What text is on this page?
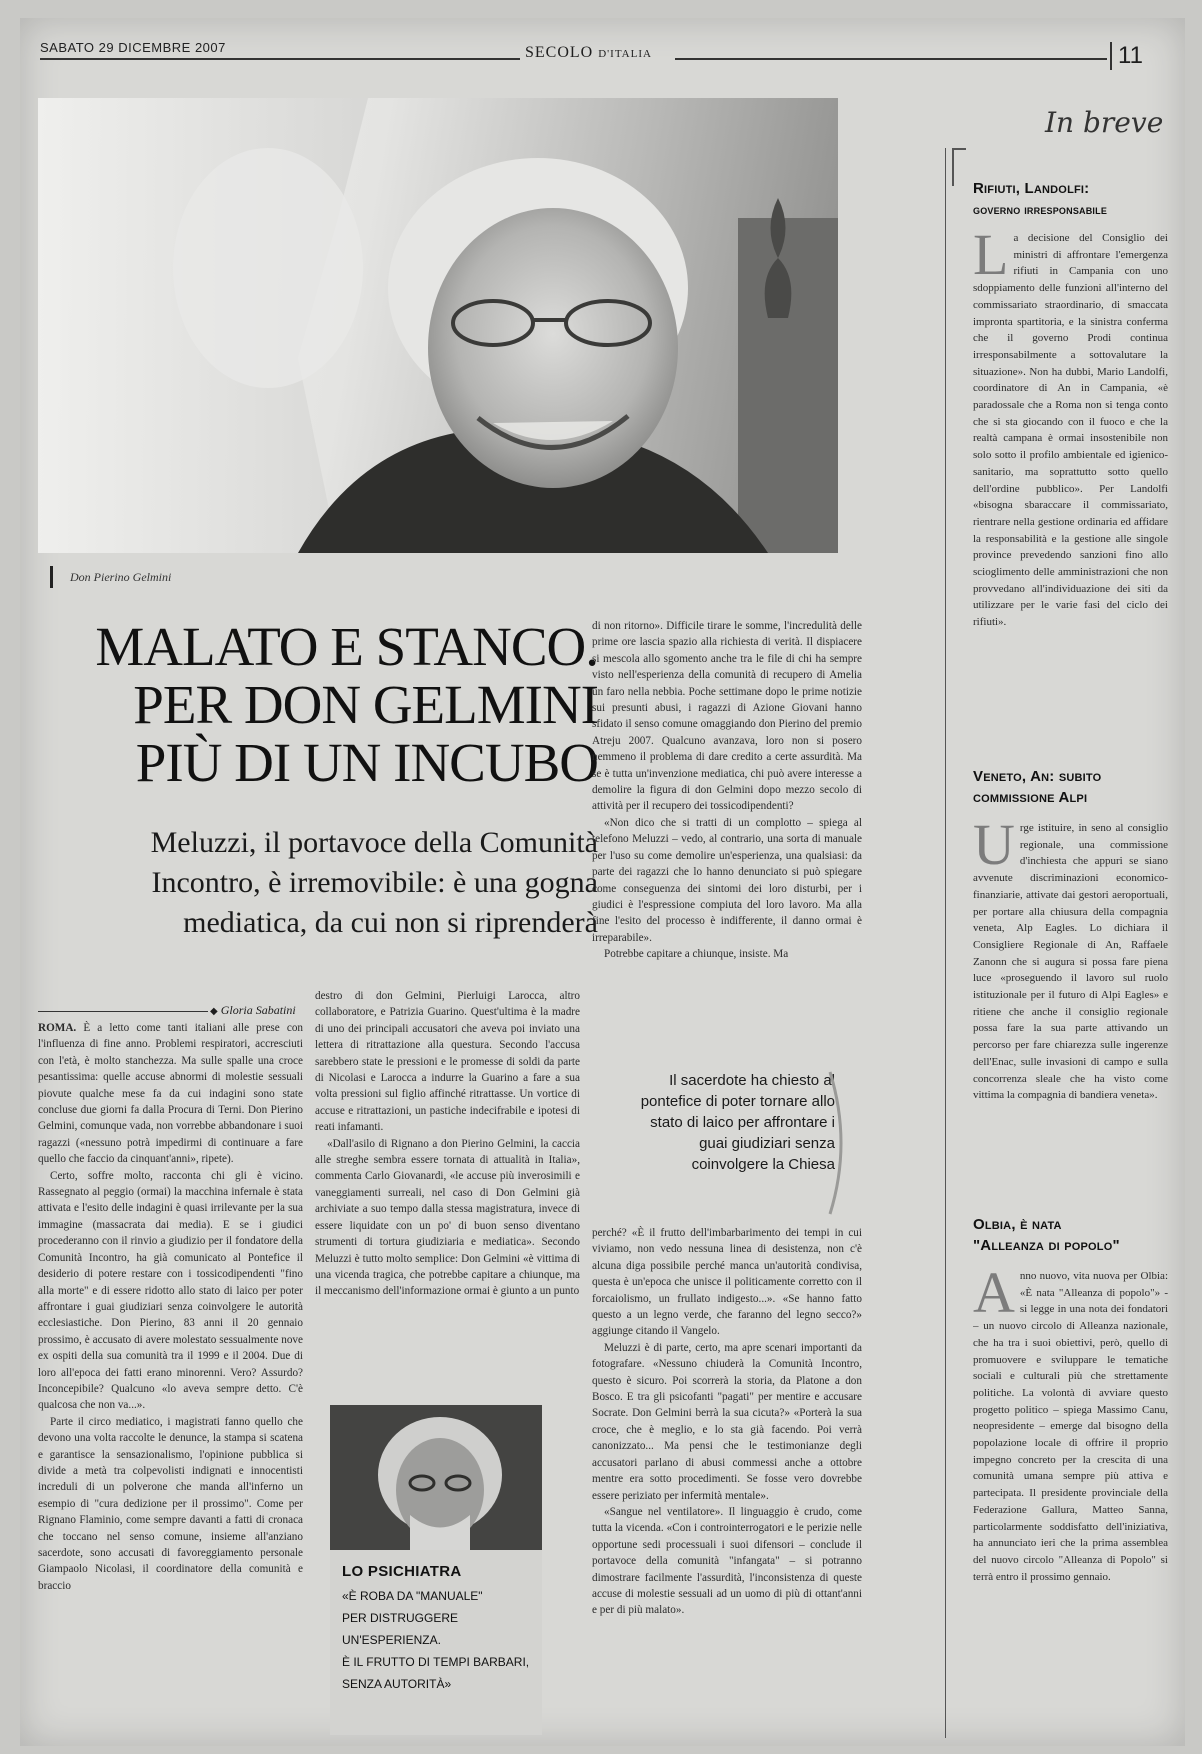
SABATO 29 DICEMBRE 2007	SECOLO D'ITALIA	11
Don Pierino Gelmini
MALATO E STANCO.
PER DON GELMINI
PIÙ DI UN INCUBO
Meluzzi, il portavoce della Comunità
Incontro, è irremovibile: è una gogna
mediatica, da cui non si riprenderà
◆ Gloria Sabatini

ROMA. È a letto come tanti italiani alle prese con l'influenza di fine anno. Problemi respiratori, accresciuti con l'età, è molto stanchezza. Ma sulle spalle una croce pesantissima: quelle accuse abnormi di molestie sessuali piovute qualche mese fa da cui indagini sono state concluse due giorni fa dalla Procura di Terni. Don Pierino Gelmini, comunque vada, non vorrebbe abbandonare i suoi ragazzi («nessuno potrà impedirmi di continuare a fare quello che faccio da cinquant'anni», ripete).

Certo, soffre molto, racconta chi gli è vicino. Rassegnato al peggio (ormai) la macchina infernale è stata attivata e l'esito delle indagini è quasi irrilevante per la sua immagine (massacrata dai media). E se i giudici procederanno con il rinvio a giudizio per il fondatore della Comunità Incontro, ha già comunicato al Pontefice il desiderio di potere restare con i tossicodipendenti "fino alla morte" e di essere ridotto allo stato di laico per poter affrontare i guai giudiziari senza coinvolgere le autorità ecclesiastiche. Don Pierino, 83 anni il 20 gennaio prossimo, è accusato di avere molestato sessualmente nove ex ospiti della sua comunità tra il 1999 e il 2004. Due di loro all'epoca dei fatti erano minorenni. Vero? Assurdo? Inconcepibile? Qualcuno «lo aveva sempre detto. C'è qualcosa che non va...».

Parte il circo mediatico, i magistrati fanno quello che devono una volta raccolte le denunce, la stampa si scatena e garantisce la sensazionalismo, l'opinione pubblica si divide a metà tra colpevolisti indignati e innocentisti increduli di un polverone che manda all'inferno un esempio di "cura dedizione per il prossimo". Come per Rignano Flaminio, come sempre davanti a fatti di cronaca che toccano nel senso comune, insieme all'anziano sacerdote, sono accusati di favoreggiamento personale Giampaolo Nicolasi, il coordinatore della comunità e braccio

destro di don Gelmini, Pierluigi Larocca, altro collaboratore, e Patrizia Guarino. Quest'ultima è la madre di uno dei principali accusatori che aveva poi inviato una lettera di ritrattazione alla questura. Secondo l'accusa sarebbero state le pressioni e le promesse di soldi da parte di Nicolasi e Larocca a indurre la Guarino a fare a sua volta pressioni sul figlio affinché ritrattasse. Un vortice di accuse e ritrattazioni, un pastiche indecifrabile e ipotesi di reati infamanti.

«Dall'asilo di Rignano a don Pierino Gelmini, la caccia alle streghe sembra essere tornata di attualità in Italia», commenta Carlo Giovanardi, «le accuse più inverosimili e vaneggiamenti surreali, nel caso di Don Gelmini già archiviate a suo tempo dalla stessa magistratura, invece di essere liquidate con un po' di buon senso diventano strumenti di tortura giudiziaria e mediatica». Secondo Meluzzi è tutto molto semplice: Don Gelmini «è vittima di una vicenda tragica, che potrebbe capitare a chiunque, ma il meccanismo dell'informazione ormai è giunto a un punto

di non ritorno». Difficile tirare le somme, l'incredulità delle prime ore lascia spazio alla richiesta di verità. Il dispiacere si mescola allo sgomento anche tra le file di chi ha sempre visto nell'esperienza della comunità di recupero di Amelia un faro nella nebbia. Poche settimane dopo le prime notizie sui presunti abusi, i ragazzi di Azione Giovani hanno sfidato il senso comune omaggiando don Pierino del premio Atreju 2007. Qualcuno avanzava, loro non si posero nemmeno il problema di dare credito a certe assurdità. Ma se è tutta un'invenzione mediatica, chi può avere interesse a demolire la figura di don Gelmini dopo mezzo secolo di attività per il recupero dei tossicodipendenti?

«Non dico che si tratti di un complotto – spiega al telefono Meluzzi – vedo, al contrario, una sorta di manuale per l'uso su come demolire un'esperienza, una qualsiasi: da parte dei ragazzi che lo hanno denunciato si può spiegare come conseguenza dei sintomi dei loro disturbi, per i giudici è l'espressione compiuta del loro lavoro. Ma alla fine l'esito del processo è indifferente, il danno ormai è irreparabile».

Potrebbe capitare a chiunque, insiste. Ma

Il sacerdote ha chiesto al pontefice di poter tornare allo stato di laico per affrontare i guai giudiziari senza coinvolgere la Chiesa

perché? «È il frutto dell'imbarbarimento dei tempi in cui viviamo, non vedo nessuna linea di desistenza, non c'è alcuna diga possibile perché manca un'autorità condivisa, questa è un'epoca che unisce il politicamente corretto con il forcaiolismo, un frullato indigesto...». «Se hanno fatto questo a un legno verde, che faranno del legno secco?» aggiunge citando il Vangelo.

Meluzzi è di parte, certo, ma apre scenari importanti da fotografare. «Nessuno chiuderà la Comunità Incontro, questo è sicuro. Poi scorrerà la storia, da Platone a don Bosco. E tra gli psicofanti "pagati" per mentire e accusare Socrate. Don Gelmini berrà la sua cicuta?» «Porterà la sua croce, che è meglio, e lo sta già facendo. Poi verrà canonizzato... Ma pensi che le testimonianze degli accusatori parlano di abusi commessi anche a ottobre mentre era sotto procedimenti. Se fosse vero dovrebbe essere periziato per infermità mentale».

«Sangue nel ventilatore». Il linguaggio è crudo, come tutta la vicenda. «Con i controinterrogatori e le perizie nelle opportune sedi processuali i suoi difensori – conclude il portavoce della comunità "infangata" – si potranno dimostrare facilmente l'assurdità, l'inconsistenza di queste accuse di molestie sessuali ad un uomo di più di ottant'anni e per di più malato».

LO PSICHIATRA
«È ROBA DA "MANUALE"
PER DISTRUGGERE
UN'ESPERIENZA.
È IL FRUTTO DI TEMPI BARBARI,
SENZA AUTORITÀ»
In breve
Rifiuti, Landolfi:
governo irresponsabile
L a decisione del Consiglio dei ministri di affrontare l'emergenza rifiuti in Campania con uno sdoppiamento delle funzioni all'interno del commissariato straordinario, di smaccata impronta spartitoria, e la sinistra conferma che il governo Prodi continua irresponsabilmente a sottovalutare la situazione». Non ha dubbi, Mario Landolfi, coordinatore di An in Campania, «è paradossale che a Roma non si tenga conto che si sta giocando con il fuoco e che la realtà campana è ormai insostenibile non solo sotto il profilo ambientale ed igienico-sanitario, ma soprattutto sotto quello dell'ordine pubblico». Per Landolfi «bisogna sbaraccare il commissariato, rientrare nella gestione ordinaria ed affidare la responsabilità e la gestione alle singole province prevedendo sanzioni fino allo scioglimento delle amministrazioni che non provvedano all'individuazione dei siti da utilizzare per le varie fasi del ciclo dei rifiuti».
Veneto, An: subito
commissione Alpi
U rge istituire, in seno al consiglio regionale, una commissione d'inchiesta che appuri se siano avvenute discriminazioni economico-finanziarie, attivate dai gestori aeroportuali, per portare alla chiusura della compagnia veneta, Alp Eagles. Lo dichiara il Consigliere Regionale di An, Raffaele Zanonn che si augura si possa fare piena luce «proseguendo il lavoro sul ruolo istituzionale per il futuro di Alpi Eagles» e ritiene che anche il consiglio regionale possa fare la sua parte attivando un percorso per fare chiarezza sulle ingerenze dell'Enac, sulle invasioni di campo e sulla concorrenza sleale che ha visto come vittima la compagnia di bandiera veneta».
Olbia, è nata
"Alleanza di popolo"
A nno nuovo, vita nuova per Olbia: «È nata "Alleanza di popolo"» - si legge in una nota dei fondatori – un nuovo circolo di Alleanza nazionale, che ha tra i suoi obiettivi, però, quello di promuovere e sviluppare le tematiche sociali e culturali più che strettamente politiche. La volontà di avviare questo progetto politico – spiega Massimo Canu, neopresidente – emerge dal bisogno della popolazione locale di offrire il proprio impegno concreto per la crescita di una comunità umana sempre più attiva e partecipata. Il presidente provinciale della Federazione Gallura, Matteo Sanna, particolarmente soddisfatto dell'iniziativa, ha annunciato ieri che la prima assemblea del nuovo circolo "Alleanza di Popolo" si terrà entro il prossimo gennaio.
